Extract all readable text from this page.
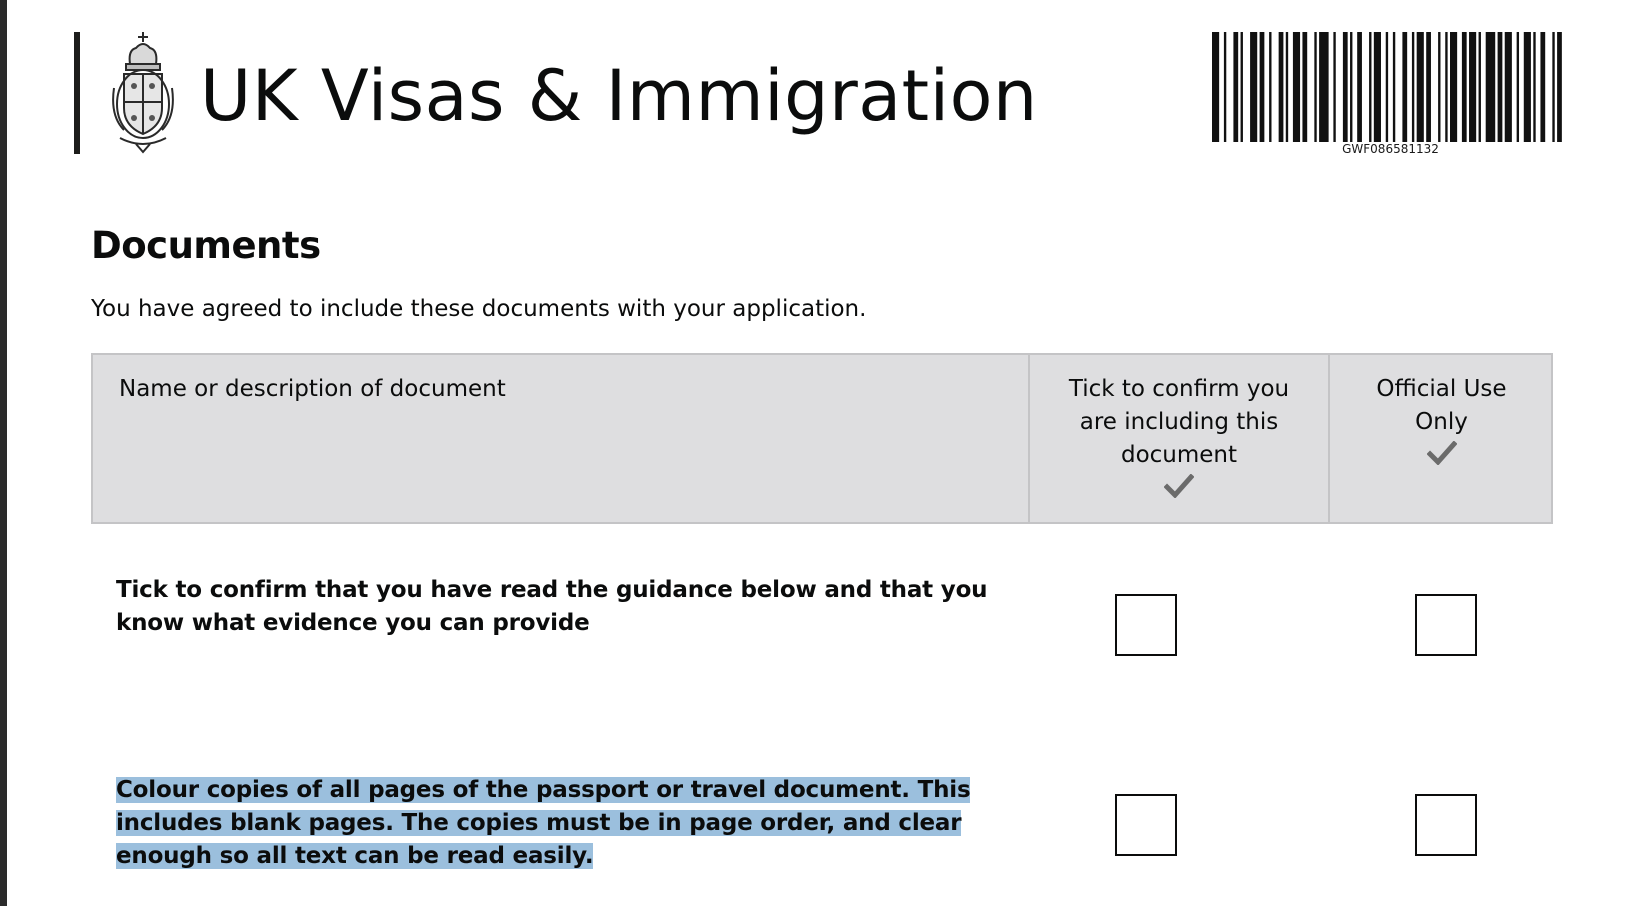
UK Visas & Immigration
GWF086581132
Documents

You have agreed to include these documents with your application.

Name or description of document	Tick to confirm you are including this document
Official Use Only

Tick to confirm that you have read the guidance below and that you know what evidence you can provide

Colour copies of all pages of the passport or travel document. This includes blank pages. The copies must be in page order, and clear enough so all text can be read easily.
